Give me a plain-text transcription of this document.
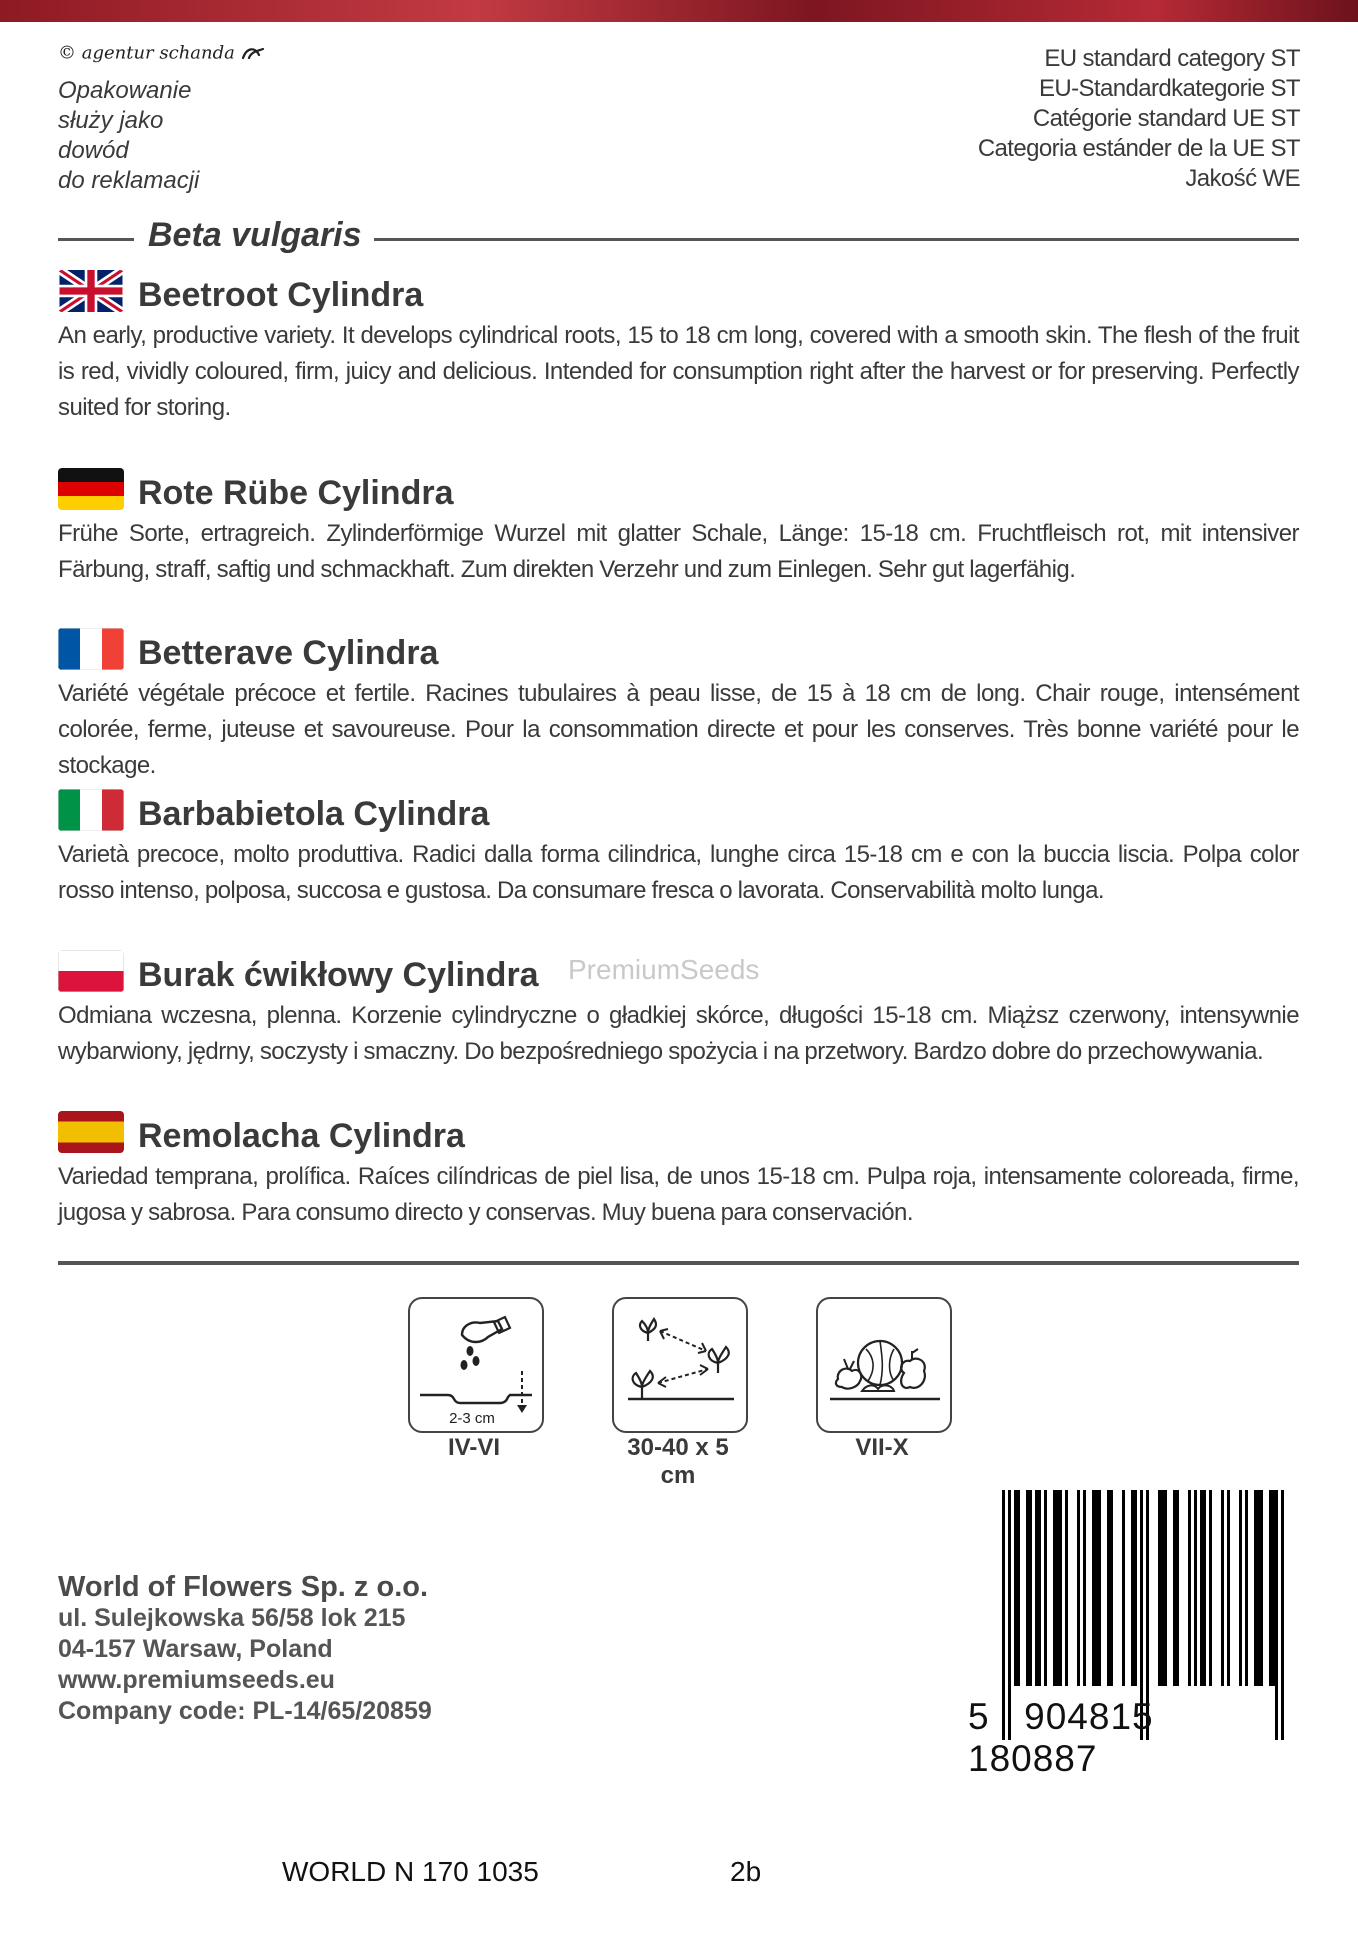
© agentur schanda
Opakowanie
służy jako
dowód
do reklamacji
EU standard category ST
EU-Standardkategorie ST
Catégorie standard UE ST
Categoria estánder de la UE ST
Jakość WE
Beta vulgaris
Beetroot Cylindra
An early, productive variety. It develops cylindrical roots, 15 to 18 cm long, covered with a smooth skin. The flesh of the fruit is red, vividly coloured, firm, juicy and delicious. Intended for consumption right after the harvest or for preserving. Perfectly suited for storing.
Rote Rübe Cylindra
Frühe Sorte, ertragreich. Zylinderförmige Wurzel mit glatter Schale, Länge: 15-18 cm. Fruchtfleisch rot, mit intensiver Färbung, straff, saftig und schmackhaft. Zum direkten Verzehr und zum Einlegen. Sehr gut lagerfähig.
Betterave Cylindra
Variété végétale précoce et fertile. Racines tubulaires à peau lisse, de 15 à 18 cm de long. Chair rouge, intensément colorée, ferme, juteuse et savoureuse. Pour la consommation directe et pour les conserves. Très bonne variété pour le stockage.
Barbabietola Cylindra
Varietà precoce, molto produttiva. Radici dalla forma cilindrica, lunghe circa 15-18 cm e con la buccia liscia. Polpa color rosso intenso, polposa, succosa e gustosa. Da consumare fresca o lavorata. Conservabilità molto lunga.
Burak ćwikłowy Cylindra
Odmiana wczesna, plenna. Korzenie cylindryczne o gładkiej skórce, długości 15-18 cm. Miąższ czerwony, intensywnie wybarwiony, jędrny, soczysty i smaczny. Do bezpośredniego spożycia i na przetwory. Bardzo dobre do przechowywania.
PremiumSeeds
Remolacha Cylindra
Variedad temprana, prolífica. Raíces cilíndricas de piel lisa, de unos 15-18 cm. Pulpa roja, intensamente coloreada, firme, jugosa y sabrosa. Para consumo directo y conservas. Muy buena para conservación.
2-3 cm
IV-VI	30-40 x 5 cm
VII-X
World of Flowers Sp. z o.o.
ul. Sulejkowska 56/58 lok 215
04-157 Warsaw, Poland
www.premiumseeds.eu
Company code: PL-14/65/20859	5 904815  180887
WORLD N 170 1035	2b
